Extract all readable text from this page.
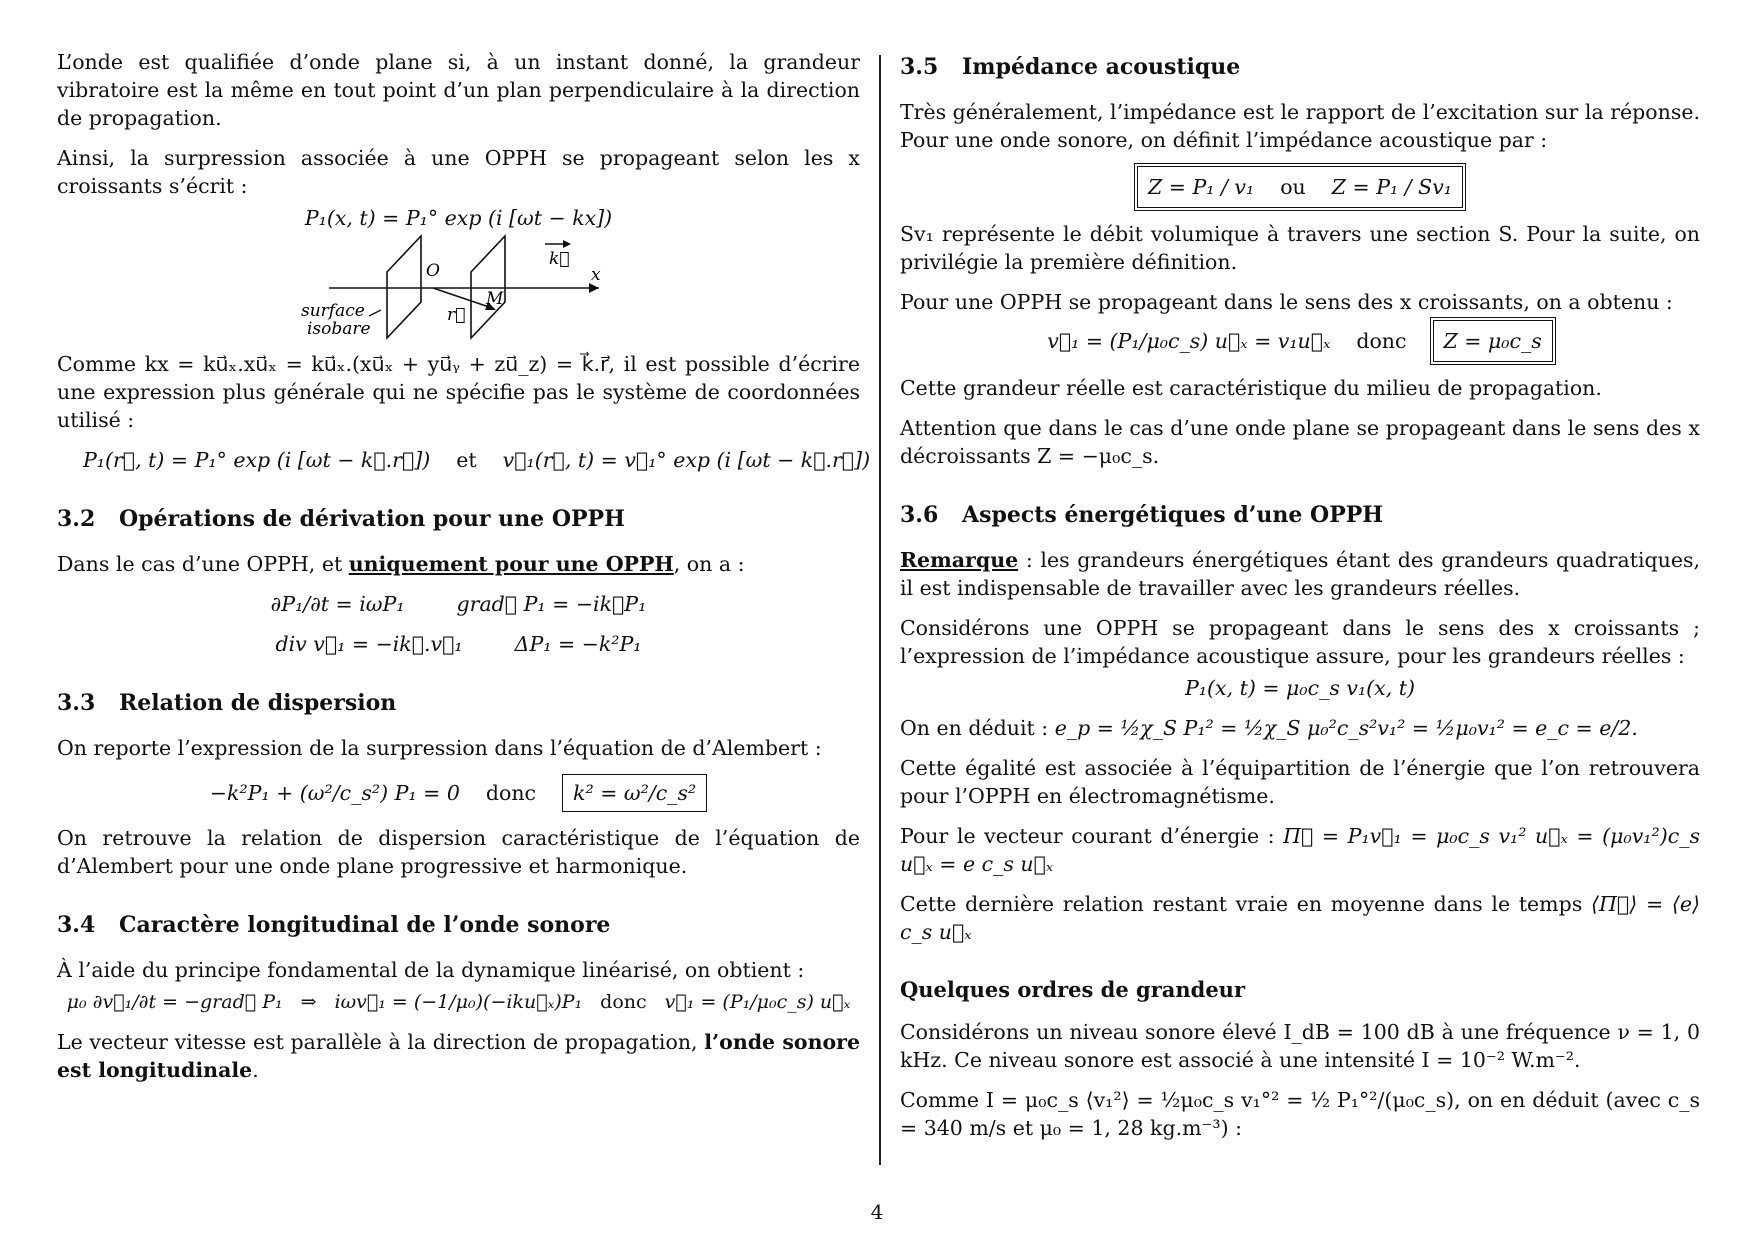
L’onde est qualifiée d’onde plane si, à un instant donné, la grandeur vibratoire est la même en tout point d’un plan perpendiculaire à la direction de propagation.

Ainsi, la surpression associée à une OPPH se propageant selon les x croissants s’écrit :

P₁(x, t) = P₁° exp (i [ωt − kx])
O
M
k⃗
x
r⃗
surface
isobare

Comme kx = ku⃗ₓ.xu⃗ₓ = ku⃗ₓ.(xu⃗ₓ + yu⃗ᵧ + zu⃗_z) = k⃗.r⃗, il est possible d’écrire une expression plus générale qui ne spécifie pas le système de coordonnées utilisé :

P₁(r⃗, t) = P₁° exp (i [ωt − k⃗.r⃗]) et v⃗₁(r⃗, t) = v⃗₁° exp (i [ωt − k⃗.r⃗])
3.2 Opérations de dérivation pour une OPPH

Dans le cas d’une OPPH, et uniquement pour une OPPH, on a :

∂P₁/∂t = iωP₁	grad⃗ P₁ = −ik⃗P₁
div v⃗₁ = −ik⃗.v⃗₁	ΔP₁ = −k²P₁
3.3 Relation de dispersion

On reporte l’expression de la surpression dans l’équation de d’Alembert :

−k²P₁ + (ω²/c_s²) P₁ = 0 donc k² = ω²/c_s²

On retrouve la relation de dispersion caractéristique de l’équation de d’Alembert pour une onde plane progressive et harmonique.

3.4 Caractère longitudinal de l’onde sonore

À l’aide du principe fondamental de la dynamique linéarisé, on obtient :

μ₀ ∂v⃗₁/∂t = −grad⃗ P₁ ⇒ iωv⃗₁ = (−1/μ₀)(−iku⃗ₓ)P₁ donc v⃗₁ = (P₁/μ₀c_s) u⃗ₓ

Le vecteur vitesse est parallèle à la direction de propagation, l’onde sonore est longitudinale.

3.5 Impédance acoustique

Très généralement, l’impédance est le rapport de l’excitation sur la réponse. Pour une onde sonore, on définit l’impédance acoustique par :

Z = P₁ / v₁ ou Z = P₁ / Sv₁

Sv₁ représente le débit volumique à travers une section S. Pour la suite, on privilégie la première définition.

Pour une OPPH se propageant dans le sens des x croissants, on a obtenu :

v⃗₁ = (P₁/μ₀c_s) u⃗ₓ = v₁u⃗ₓ donc Z = μ₀c_s

Cette grandeur réelle est caractéristique du milieu de propagation.

Attention que dans le cas d’une onde plane se propageant dans le sens des x décroissants Z = −μ₀c_s.

3.6 Aspects énergétiques d’une OPPH

Remarque : les grandeurs énergétiques étant des grandeurs quadratiques, il est indispensable de travailler avec les grandeurs réelles.

Considérons une OPPH se propageant dans le sens des x croissants ; l’expression de l’impédance acoustique assure, pour les grandeurs réelles :

P₁(x, t) = μ₀c_s v₁(x, t)

On en déduit : e_p = ½χ_S P₁² = ½χ_S μ₀²c_s²v₁² = ½μ₀v₁² = e_c = e/2.

Cette égalité est associée à l’équipartition de l’énergie que l’on retrouvera pour l’OPPH en électromagnétisme.

Pour le vecteur courant d’énergie : Π⃗ = P₁v⃗₁ = μ₀c_s v₁² u⃗ₓ = (μ₀v₁²)c_s u⃗ₓ = e c_s u⃗ₓ

Cette dernière relation restant vraie en moyenne dans le temps ⟨Π⃗⟩ = ⟨e⟩ c_s u⃗ₓ

Quelques ordres de grandeur

Considérons un niveau sonore élevé I_dB = 100 dB à une fréquence ν = 1, 0 kHz. Ce niveau sonore est associé à une intensité I = 10⁻² W.m⁻².

Comme I = μ₀c_s ⟨v₁²⟩ = ½μ₀c_s v₁°² = ½ P₁°²/(μ₀c_s), on en déduit (avec c_s = 340 m/s et μ₀ = 1, 28 kg.m⁻³) :

4
